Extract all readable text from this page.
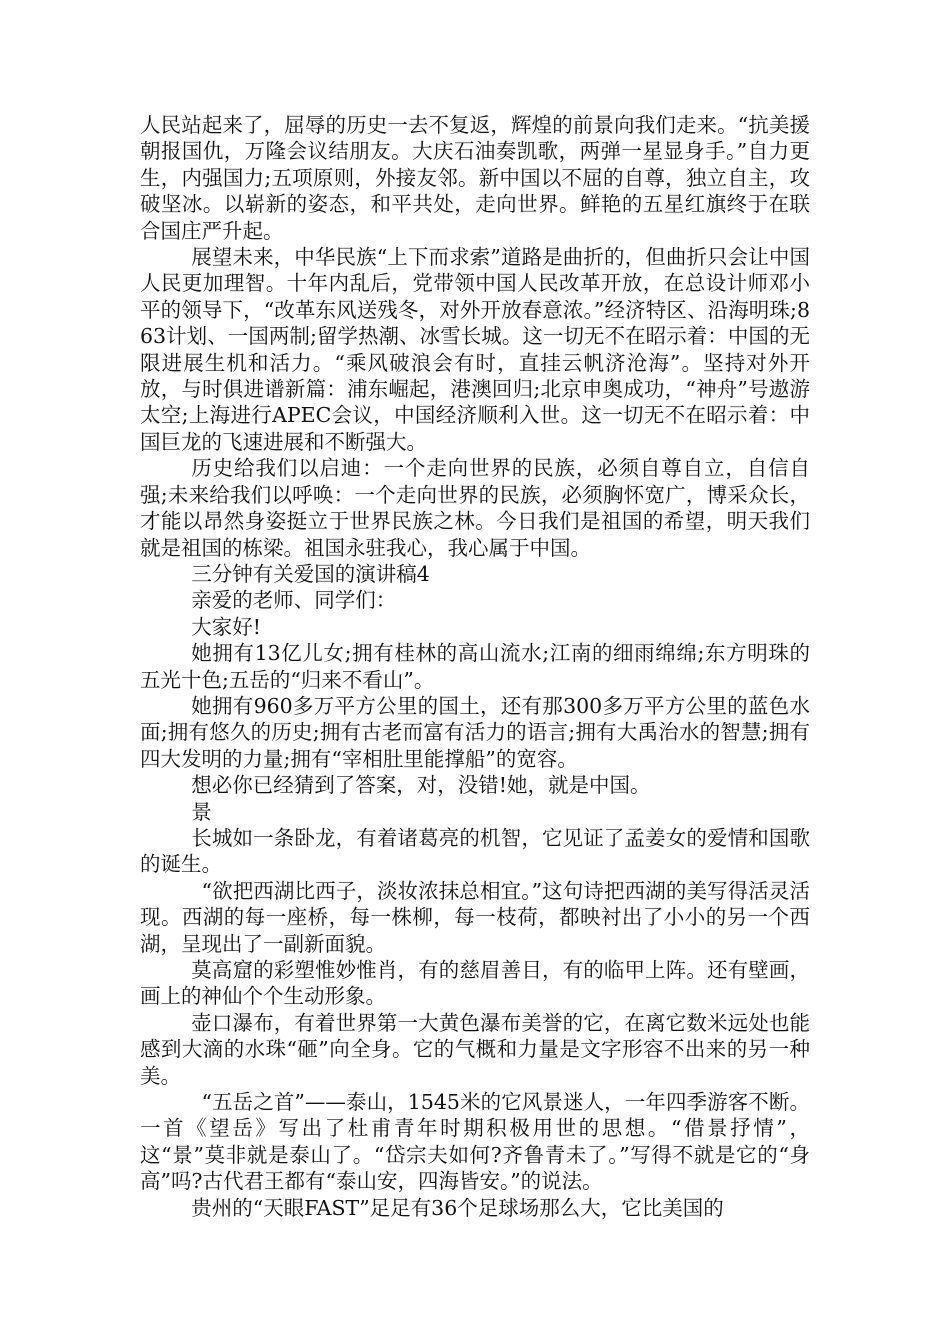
人民站起来了，屈辱的历史一去不复返，辉煌的前景向我们走来。“抗美援朝报国仇，万隆会议结朋友。大庆石油奏凯歌，两弹一星显身手。”自力更生，内强国力;五项原则，外接友邻。新中国以不屈的自尊，独立自主，攻破坚冰。以崭新的姿态，和平共处，走向世界。鲜艳的五星红旗终于在联合国庄严升起。

展望未来，中华民族“上下而求索”道路是曲折的，但曲折只会让中国人民更加理智。十年内乱后，党带领中国人民改革开放，在总设计师邓小平的领导下，“改革东风送残冬，对外开放春意浓。”经济特区、沿海明珠;863计划、一国两制;留学热潮、冰雪长城。这一切无不在昭示着：中国的无限进展生机和活力。“乘风破浪会有时，直挂云帆济沧海”。坚持对外开放，与时俱进谱新篇：浦东崛起，港澳回归;北京申奥成功，“神舟”号遨游太空;上海进行APEC会议，中国经济顺利入世。这一切无不在昭示着：中国巨龙的飞速进展和不断强大。

历史给我们以启迪：一个走向世界的民族，必须自尊自立，自信自强;未来给我们以呼唤：一个走向世界的民族，必须胸怀宽广，博采众长，才能以昂然身姿挺立于世界民族之林。今日我们是祖国的希望，明天我们就是祖国的栋梁。祖国永驻我心，我心属于中国。

三分钟有关爱国的演讲稿4

亲爱的老师、同学们：

大家好!

她拥有13亿儿女;拥有桂林的高山流水;江南的细雨绵绵;东方明珠的五光十色;五岳的“归来不看山”。

她拥有960多万平方公里的国土，还有那300多万平方公里的蓝色水面;拥有悠久的历史;拥有古老而富有活力的语言;拥有大禹治水的智慧;拥有四大发明的力量;拥有“宰相肚里能撑船”的宽容。

想必你已经猜到了答案，对，没错!她，就是中国。

景

长城如一条卧龙，有着诸葛亮的机智，它见证了孟姜女的爱情和国歌的诞生。

“欲把西湖比西子，淡妆浓抹总相宜。”这句诗把西湖的美写得活灵活现。西湖的每一座桥，每一株柳，每一枝荷，都映衬出了小小的另一个西湖，呈现出了一副新面貌。

莫高窟的彩塑惟妙惟肖，有的慈眉善目，有的临甲上阵。还有壁画，画上的神仙个个生动形象。

壶口瀑布，有着世界第一大黄色瀑布美誉的它，在离它数米远处也能感到大滴的水珠“砸”向全身。它的气概和力量是文字形容不出来的另一种美。

“五岳之首”——泰山，1545米的它风景迷人，一年四季游客不断。一首《望岳》写出了杜甫青年时期积极用世的思想。“借景抒情”，这“景”莫非就是泰山了。“岱宗夫如何?齐鲁青未了。”写得不就是它的“身高”吗?古代君王都有“泰山安，四海皆安。”的说法。

贵州的“天眼FAST”足足有36个足球场那么大，它比美国的
